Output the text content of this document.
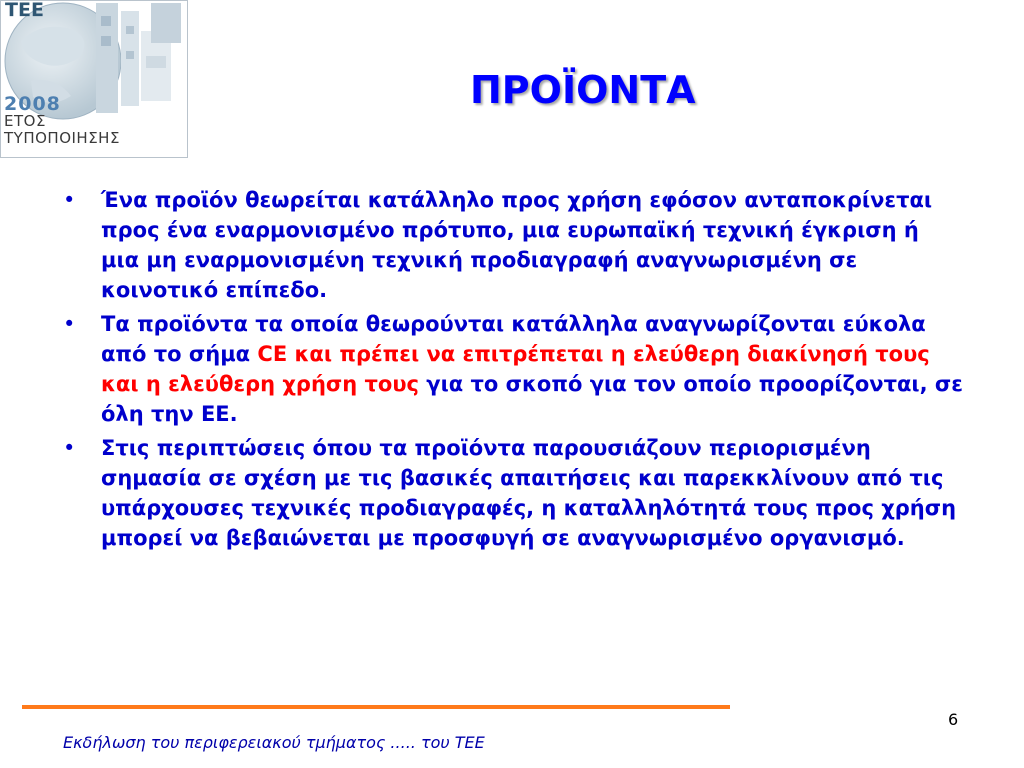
ΤΕΕ
2008
ΕΤΟΣ
ΤΥΠΟΠΟΙΗΣΗΣ
ΠΡΟΪΟΝΤΑ
• Ένα προϊόν θεωρείται κατάλληλο προς χρήση εφόσον ανταποκρίνεται προς ένα εναρμονισμένο πρότυπο, μια ευρωπαϊκή τεχνική έγκριση ή μια μη εναρμονισμένη τεχνική προδιαγραφή αναγνωρισμένη σε κοινοτικό επίπεδο.
• Τα προϊόντα τα οποία θεωρούνται κατάλληλα αναγνωρίζονται εύκολα από το σήμα CE και πρέπει να επιτρέπεται η ελεύθερη διακίνησή τους και η ελεύθερη χρήση τους για το σκοπό για τον οποίο προορίζονται, σε όλη την ΕΕ.
• Στις περιπτώσεις όπου τα προϊόντα παρουσιάζουν περιορισμένη σημασία σε σχέση με τις βασικές απαιτήσεις και παρεκκλίνουν από τις υπάρχουσες τεχνικές προδιαγραφές, η καταλληλότητά τους προς χρήση μπορεί να βεβαιώνεται με προσφυγή σε αναγνωρισμένο οργανισμό.
6
Εκδήλωση του περιφερειακού τμήματος ..... του ΤΕΕ
